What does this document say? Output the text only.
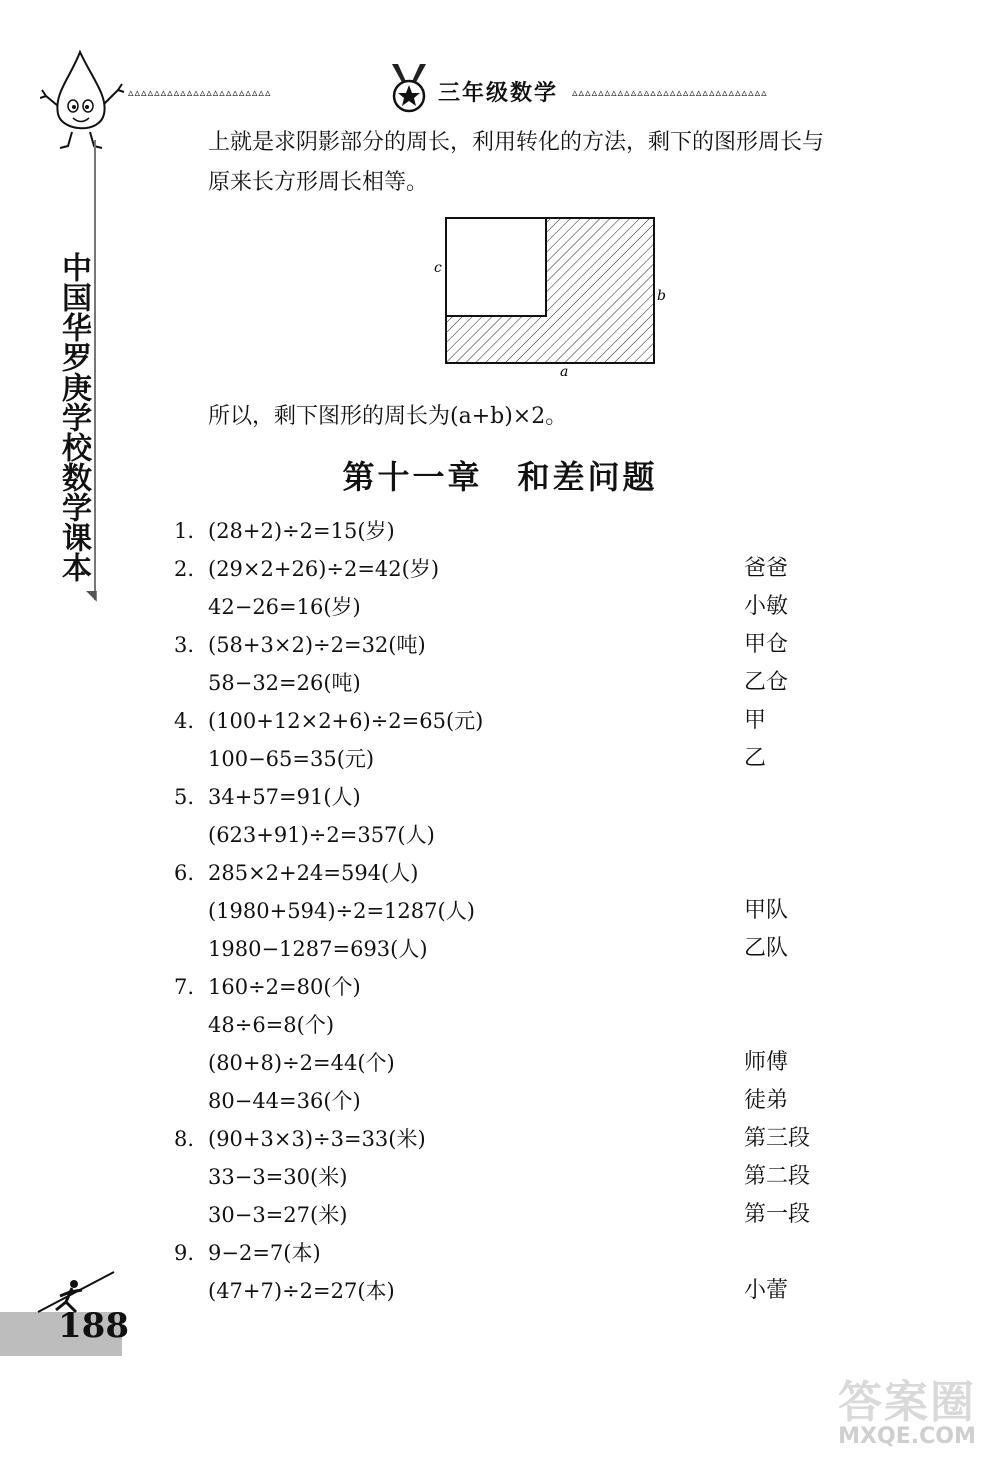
▵▵▵▵▵▵▵▵▵▵▵▵▵▵▵▵▵▵▵▵▵▵	三年级数学 ▵▵▵▵▵▵▵▵▵▵▵▵▵▵▵▵▵▵▵▵▵▵▵▵▵▵▵▵▵▵
◥
中国华罗庚学校数学课本
上就是求阴影部分的周长，利用转化的方法，剩下的图形周长与
原来长方形周长相等。
c
b
a
所以，剩下图形的周长为(a+b)×2。
第十一章　和差问题
1. (28+2)÷2=15(岁)
2. (29×2+26)÷2=42(岁)	爸爸
42−26=16(岁)	小敏
3. (58+3×2)÷2=32(吨)	甲仓
58−32=26(吨)	乙仓
4. (100+12×2+6)÷2=65(元)	甲
100−65=35(元)	乙
5. 34+57=91(人)
(623+91)÷2=357(人)
6. 285×2+24=594(人)
(1980+594)÷2=1287(人)	甲队
1980−1287=693(人)	乙队
7. 160÷2=80(个)
48÷6=8(个)
(80+8)÷2=44(个)	师傅
80−44=36(个)	徒弟
8. (90+3×3)÷3=33(米)	第三段
33−3=30(米)	第二段
30−3=27(米)	第一段
9. 9−2=7(本)
(47+7)÷2=27(本)	小蕾
188
答案圈
MXQE.COM
